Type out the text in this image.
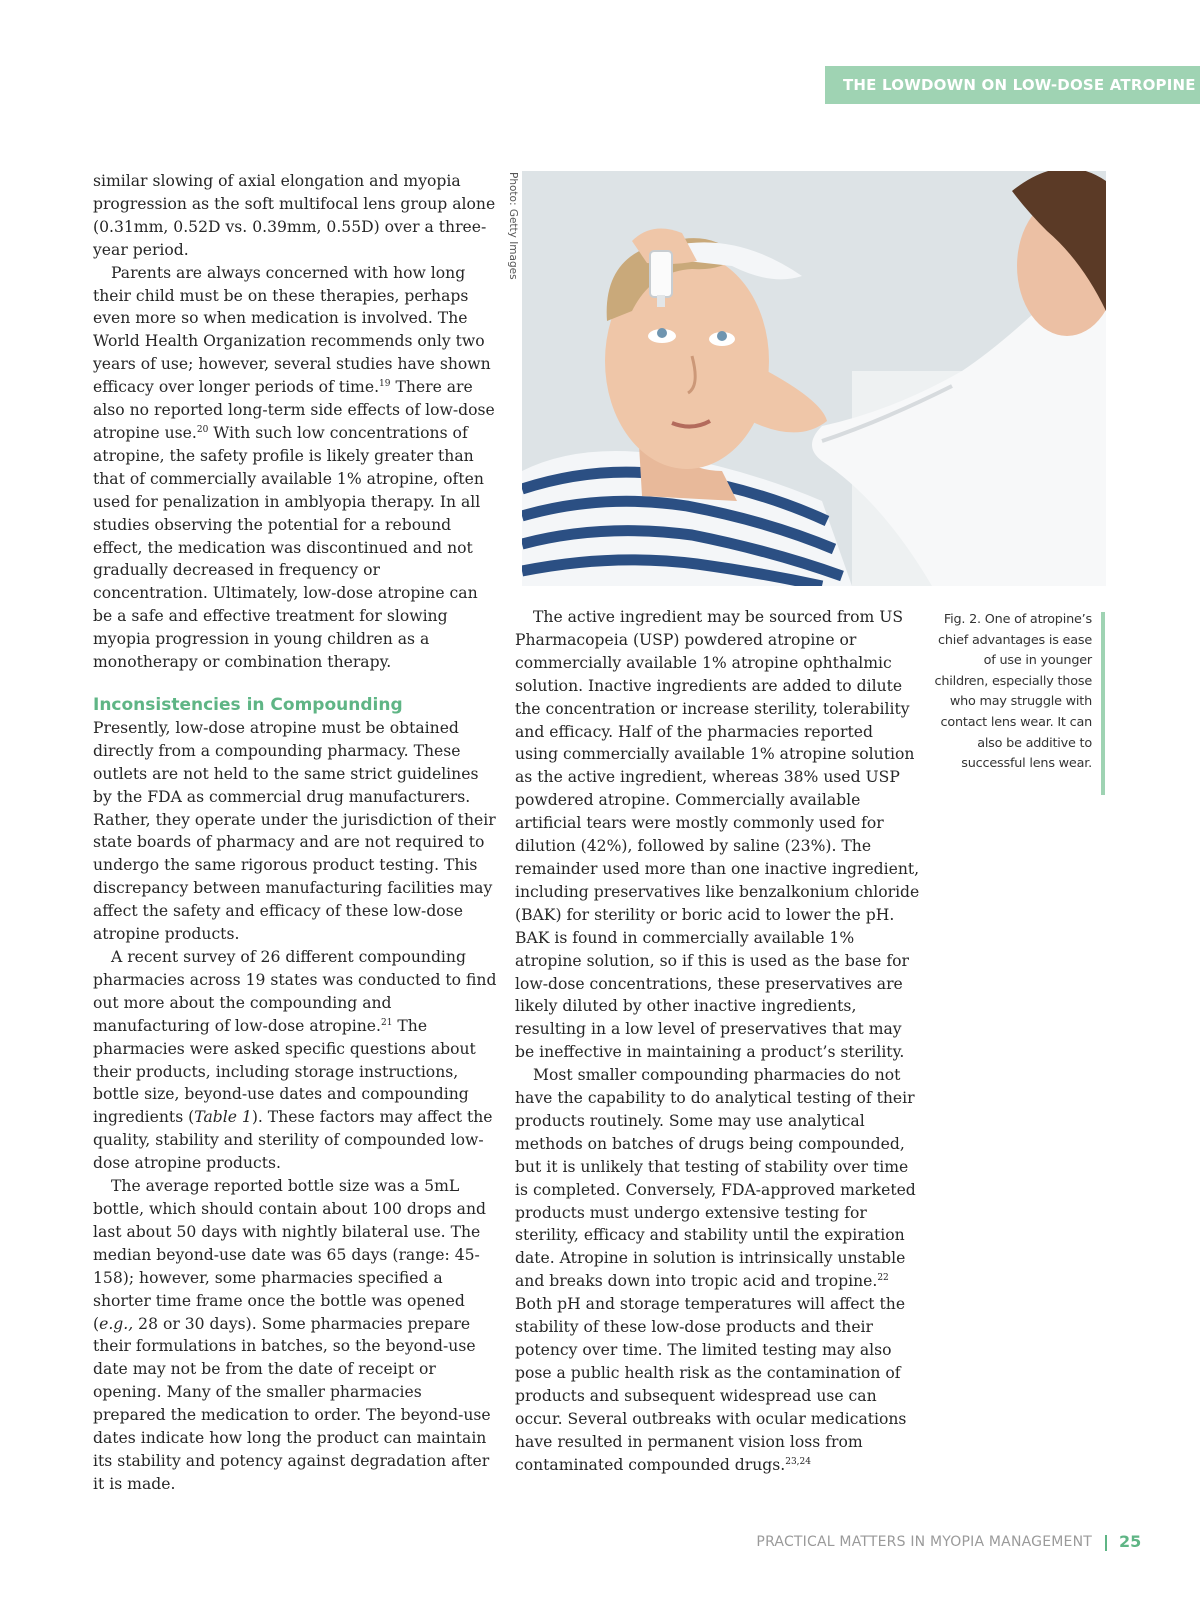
THE LOWDOWN ON LOW-DOSE ATROPINE

similar slowing of axial elongation and myopia progression as the soft multifocal lens group alone (0.31mm, 0.52D vs. 0.39mm, 0.55D) over a three-year period.

Parents are always concerned with how long their child must be on these therapies, perhaps even more so when medication is involved. The World Health Organization recommends only two years of use; however, several studies have shown efficacy over longer periods of time.$^{19}$ There are also no reported long-term side effects of low-dose atropine use.$^{20}$ With such low concentrations of atropine, the safety profile is likely greater than that of commercially available 1% atropine, often used for penalization in amblyopia therapy. In all studies observing the potential for a rebound effect, the medication was discontinued and not gradually decreased in frequency or concentration. Ultimately, low-dose atropine can be a safe and effective treatment for slowing myopia progression in young children as a monotherapy or combination therapy.

Inconsistencies in Compounding

Presently, low-dose atropine must be obtained directly from a compounding pharmacy. These outlets are not held to the same strict guidelines by the FDA as commercial drug manufacturers. Rather, they operate under the jurisdiction of their state boards of pharmacy and are not required to undergo the same rigorous product testing. This discrepancy between manufacturing facilities may affect the safety and efficacy of these low-dose atropine products.

A recent survey of 26 different compounding pharmacies across 19 states was conducted to find out more about the compounding and manufacturing of low-dose atropine.$^{21}$ The pharmacies were asked specific questions about their products, including storage instructions, bottle size, beyond-use dates and compounding ingredients (Table 1). These factors may affect the quality, stability and sterility of compounded low-dose atropine products.

The average reported bottle size was a 5mL bottle, which should contain about 100 drops and last about 50 days with nightly bilateral use. The median beyond-use date was 65 days (range: 45-158); however, some pharmacies specified a shorter time frame once the bottle was opened (e.g., 28 or 30 days). Some pharmacies prepare their formulations in batches, so the beyond-use date may not be from the date of receipt or opening. Many of the smaller pharmacies prepared the medication to order. The beyond-use dates indicate how long the product can maintain its stability and potency against degradation after it is made.

Photo: Getty Images

The active ingredient may be sourced from US Pharmacopeia (USP) powdered atropine or commercially available 1% atropine ophthalmic solution. Inactive ingredients are added to dilute the concentration or increase sterility, tolerability and efficacy. Half of the pharmacies reported using commercially available 1% atropine solution as the active ingredient, whereas 38% used USP powdered atropine. Commercially available artificial tears were mostly commonly used for dilution (42%), followed by saline (23%). The remainder used more than one inactive ingredient, including preservatives like benzalkonium chloride (BAK) for sterility or boric acid to lower the pH. BAK is found in commercially available 1% atropine solution, so if this is used as the base for low-dose concentrations, these preservatives are likely diluted by other inactive ingredients, resulting in a low level of preservatives that may be ineffective in maintaining a product’s sterility.

Most smaller compounding pharmacies do not have the capability to do analytical testing of their products routinely. Some may use analytical methods on batches of drugs being compounded, but it is unlikely that testing of stability over time is completed. Conversely, FDA-approved marketed products must undergo extensive testing for sterility, efficacy and stability until the expiration date. Atropine in solution is intrinsically unstable and breaks down into tropic acid and tropine.$^{22}$ Both pH and storage temperatures will affect the stability of these low-dose products and their potency over time. The limited testing may also pose a public health risk as the contamination of products and subsequent widespread use can occur. Several outbreaks with ocular medications have resulted in permanent vision loss from contaminated compounded drugs.$^{23,24}$

Fig. 2. One of atropine’s chief advantages is ease of use in younger children, especially those who may struggle with contact lens wear. It can also be additive to successful lens wear.
PRACTICAL MATTERS IN MYOPIA MANAGEMENT 25
